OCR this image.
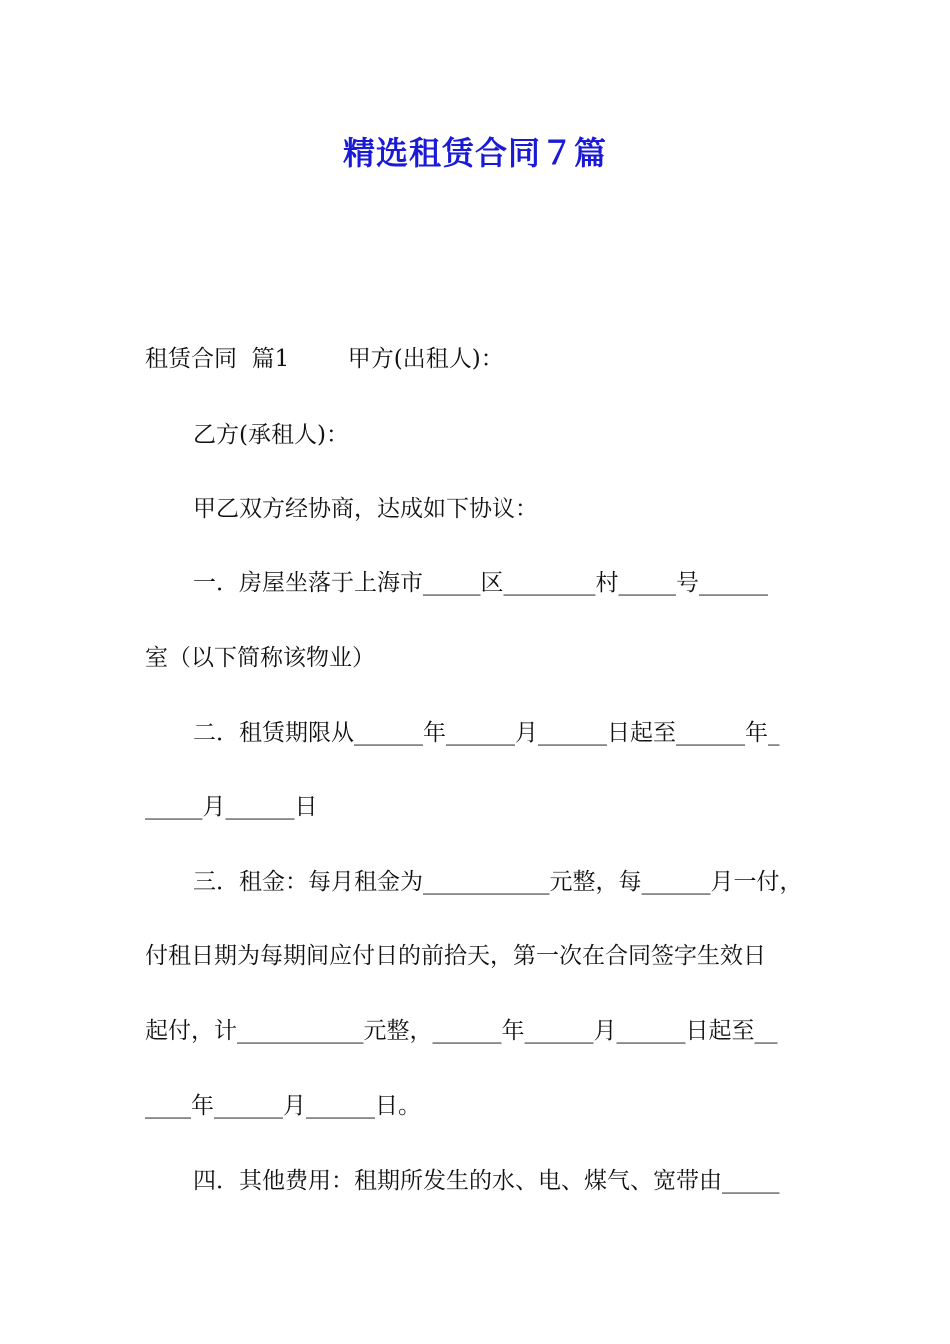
精选租赁合同７篇
租赁合同  篇1        甲方(出租人)：
乙方(承租人)：
甲乙双方经协商，达成如下协议：
一．房屋坐落于上海市_____区________村_____号______
室（以下简称该物业）
二．租赁期限从______年______月______日起至______年_
_____月______日
三．租金：每月租金为___________元整，每______月一付，
付租日期为每期间应付日的前拾天，第一次在合同签字生效日
起付，计___________元整，______年______月______日起至__
____年______月______日。
四．其他费用：租期所发生的水、电、煤气、宽带由_____
